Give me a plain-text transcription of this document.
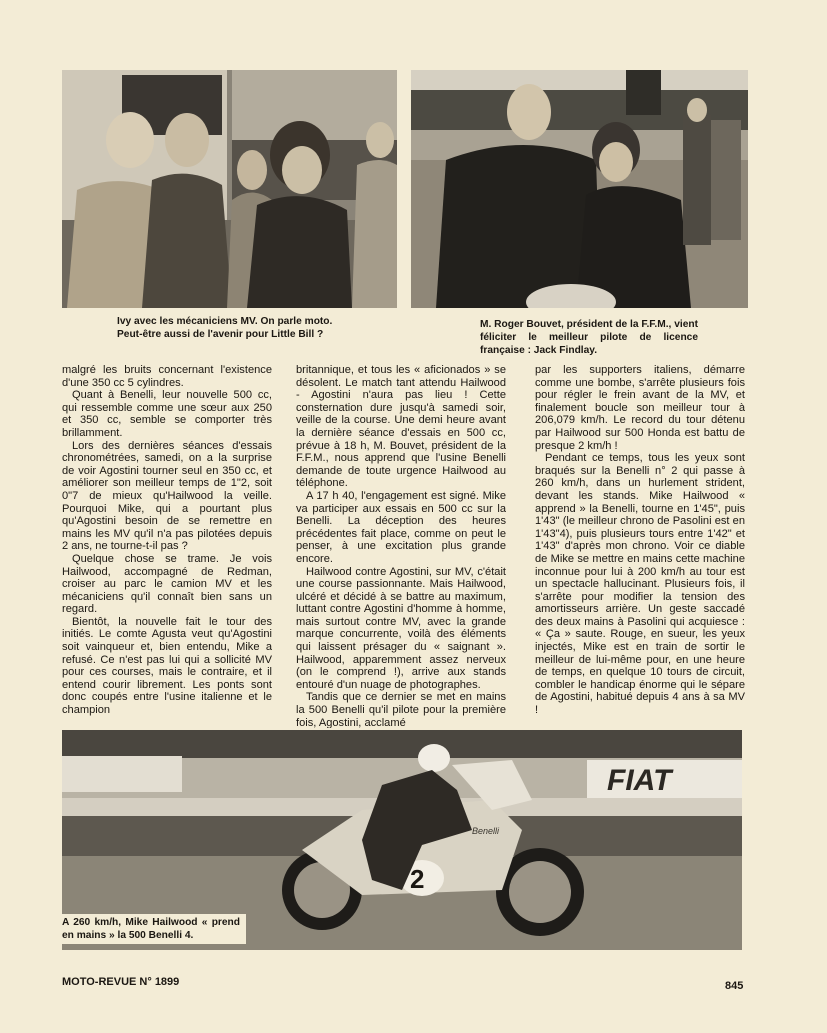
FIAT
2
Benelli
Ivy avec les mécaniciens MV. On parle moto. Peut-être aussi de l'avenir pour Little Bill ?
M. Roger Bouvet, président de la F.F.M., vient féliciter le meilleur pilote de licence française : Jack Findlay.
A 260 km/h, Mike Hailwood « prend en mains » la 500 Benelli 4.

malgré les bruits concernant l'existence d'une 350 cc 5 cylindres.

Quant à Benelli, leur nouvelle 500 cc, qui ressemble comme une sœur aux 250 et 350 cc, semble se comporter très brillamment.

Lors des dernières séances d'essais chronométrées, samedi, on a la surprise de voir Agostini tourner seul en 350 cc, et améliorer son meilleur temps de 1"2, soit 0"7 de mieux qu'Hailwood la veille. Pourquoi Mike, qui a pourtant plus qu'Agostini besoin de se remettre en mains les MV qu'il n'a pas pilotées depuis 2 ans, ne tourne-t-il pas ?

Quelque chose se trame. Je vois Hailwood, accompagné de Redman, croiser au parc le camion MV et les mécaniciens qu'il connaît bien sans un regard.

Bientôt, la nouvelle fait le tour des initiés. Le comte Agusta veut qu'Agostini soit vainqueur et, bien entendu, Mike a refusé. Ce n'est pas lui qui a sollicité MV pour ces courses, mais le contraire, et il entend courir librement. Les ponts sont donc coupés entre l'usine italienne et le champion

britannique, et tous les « aficionados » se désolent. Le match tant attendu Hailwood - Agostini n'aura pas lieu ! Cette consternation dure jusqu'à samedi soir, veille de la course. Une demi heure avant la dernière séance d'essais en 500 cc, prévue à 18 h, M. Bouvet, président de la F.F.M., nous apprend que l'usine Benelli demande de toute urgence Hailwood au téléphone.

A 17 h 40, l'engagement est signé. Mike va participer aux essais en 500 cc sur la Benelli. La déception des heures précédentes fait place, comme on peut le penser, à une excitation plus grande encore.

Hailwood contre Agostini, sur MV, c'était une course passionnante. Mais Hailwood, ulcéré et décidé à se battre au maximum, luttant contre Agostini d'homme à homme, mais surtout contre MV, avec la grande marque concurrente, voilà des éléments qui laissent présager du « saignant ». Hailwood, apparemment assez nerveux (on le comprend !), arrive aux stands entouré d'un nuage de photographes.

Tandis que ce dernier se met en mains la 500 Benelli qu'il pilote pour la première fois, Agostini, acclamé

par les supporters italiens, démarre comme une bombe, s'arrête plusieurs fois pour régler le frein avant de la MV, et finalement boucle son meilleur tour à 206,079 km/h. Le record du tour détenu par Hailwood sur 500 Honda est battu de presque 2 km/h !

Pendant ce temps, tous les yeux sont braqués sur la Benelli n° 2 qui passe à 260 km/h, dans un hurlement strident, devant les stands. Mike Hailwood « apprend » la Benelli, tourne en 1'45", puis 1'43" (le meilleur chrono de Pasolini est en 1'43"4), puis plusieurs tours entre 1'42" et 1'43" d'après mon chrono. Voir ce diable de Mike se mettre en mains cette machine inconnue pour lui à 200 km/h au tour est un spectacle hallucinant. Plusieurs fois, il s'arrête pour modifier la tension des amortisseurs arrière. Un geste saccadé des deux mains à Pasolini qui acquiesce : « Ça » saute. Rouge, en sueur, les yeux injectés, Mike est en train de sortir le meilleur de lui-même pour, en une heure de temps, en quelque 10 tours de circuit, combler le handicap énorme qui le sépare de Agostini, habitué depuis 4 ans à sa MV !

MOTO-REVUE N° 1899	845
